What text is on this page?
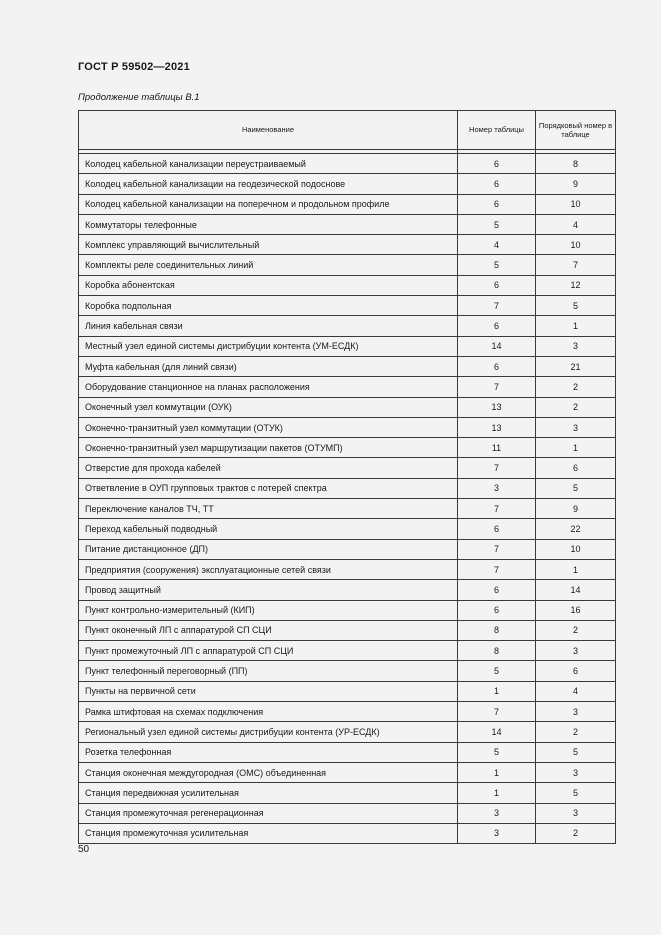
ГОСТ Р 59502—2021
Продолжение таблицы В.1
Наименование	Номер таблицы	Порядковый номер в таблице

Колодец кабельной канализации переустраиваемый	6	8
Колодец кабельной канализации на геодезической подоснове	6	9
Колодец кабельной канализации на поперечном и продольном профиле	6	10
Коммутаторы телефонные	5	4
Комплекс управляющий вычислительный	4	10
Комплекты реле соединительных линий	5	7
Коробка абонентская	6	12
Коробка подпольная	7	5
Линия кабельная связи	6	1
Местный узел единой системы дистрибуции контента (УМ-ЕСДК)	14	3
Муфта кабельная (для линий связи)	6	21
Оборудование станционное на планах расположения	7	2
Оконечный узел коммутации (ОУК)	13	2
Оконечно-транзитный узел коммутации (ОТУК)	13	3
Оконечно-транзитный узел маршрутизации пакетов (ОТУМП)	11	1
Отверстие для прохода кабелей	7	6
Ответвление в ОУП групповых трактов с потерей спектра	3	5
Переключение каналов ТЧ, ТТ	7	9
Переход кабельный подводный	6	22
Питание дистанционное (ДП)	7	10
Предприятия (сооружения) эксплуатационные сетей связи	7	1
Провод защитный	6	14
Пункт контрольно-измерительный (КИП)	6	16
Пункт оконечный ЛП с аппаратурой СП СЦИ	8	2
Пункт промежуточный ЛП с аппаратурой СП СЦИ	8	3
Пункт телефонный переговорный (ПП)	5	6
Пункты на первичной сети	1	4
Рамка штифтовая на схемах подключения	7	3
Региональный узел единой системы дистрибуции контента (УР-ЕСДК)	14	2
Розетка телефонная	5	5
Станция оконечная междугородная (ОМС) объединенная	1	3
Станция передвижная усилительная	1	5
Станция промежуточная регенерационная	3	3
Станция промежуточная усилительная	3	2
50
